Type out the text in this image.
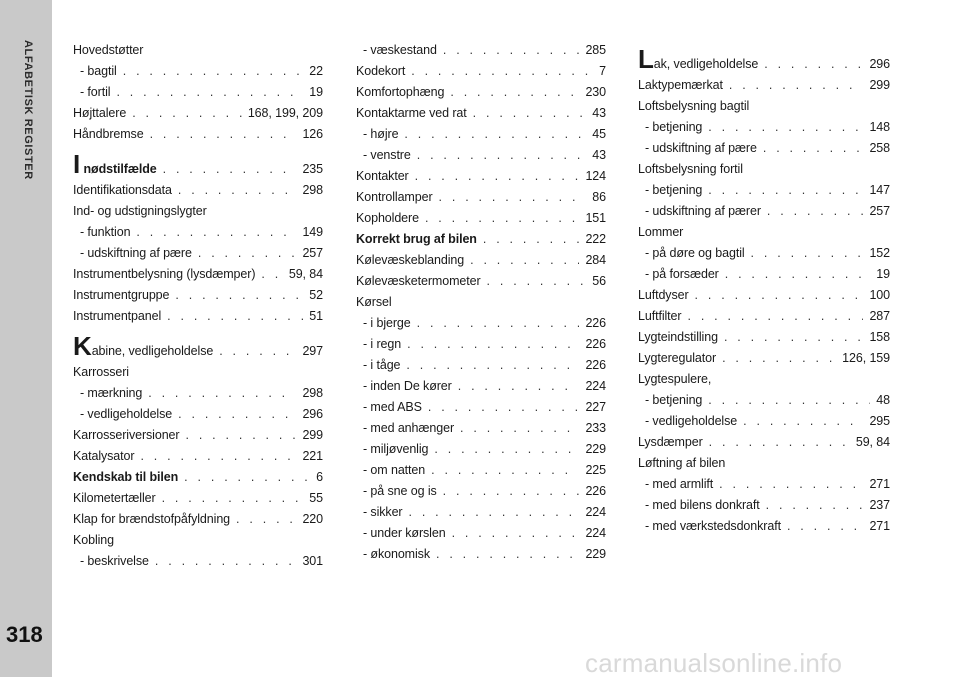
ALFABETISK REGISTER
318
Hovedstøtter
- bagtil . . .	22
- fortil . . .	19
Højttalere . . .	168, 199, 209
Håndbremse . . .	126
I nødstilfælde . . .	235
Identifikationsdata . . .	298
Ind- og udstigningslygter
- funktion . . .	149
- udskiftning af pære . . .	257
Instrumentbelysning (lysdæmper) . . .	59, 84
Instrumentgruppe . . .	52
Instrumentpanel . . .	51
Kabine, vedligeholdelse . . .	297
Karrosseri
- mærkning . . .	298
- vedligeholdelse . . .	296
Karrosseriversioner . . .	299
Katalysator . . .	221
Kendskab til bilen . . .	6
Kilometertæller . . .	55
Klap for brændstofpåfyldning . . .	220
Kobling
- beskrivelse . . .	301
- væskestand . . .	285
Kodekort . . .	7
Komfortophæng . . .	230
Kontaktarme ved rat . . .	43
- højre . . .	45
- venstre . . .	43
Kontakter . . .	124
Kontrollamper . . .	86
Kopholdere . . .	151
Korrekt brug af bilen . . .	222
Kølevæskeblanding . . .	284
Kølevæsketermometer . . .	56
Kørsel
- i bjerge . . .	226
- i regn . . .	226
- i tåge . . .	226
- inden De kører . . .	224
- med ABS . . .	227
- med anhænger . . .	233
- miljøvenlig . . .	229
- om natten . . .	225
- på sne og is . . .	226
- sikker . . .	224
- under kørslen . . .	224
- økonomisk . . .	229
Lak, vedligeholdelse . . .	296
Laktypemærkat . . .	299
Loftsbelysning bagtil
- betjening . . .	148
- udskiftning af pære . . .	258
Loftsbelysning fortil
- betjening . . .	147
- udskiftning af pærer . . .	257
Lommer
- på døre og bagtil . . .	152
- på forsæder . . .	19
Luftdyser . . .	100
Luftfilter . . .	287
Lygteindstilling . . .	158
Lygteregulator . . .	126, 159
Lygtespulere,
- betjening . . .	48
- vedligeholdelse . . .	295
Lysdæmper . . .	59, 84
Løftning af bilen
- med armlift . . .	271
- med bilens donkraft . . .	237
- med værkstedsdonkraft . . .	271
carmanualsonline.info
